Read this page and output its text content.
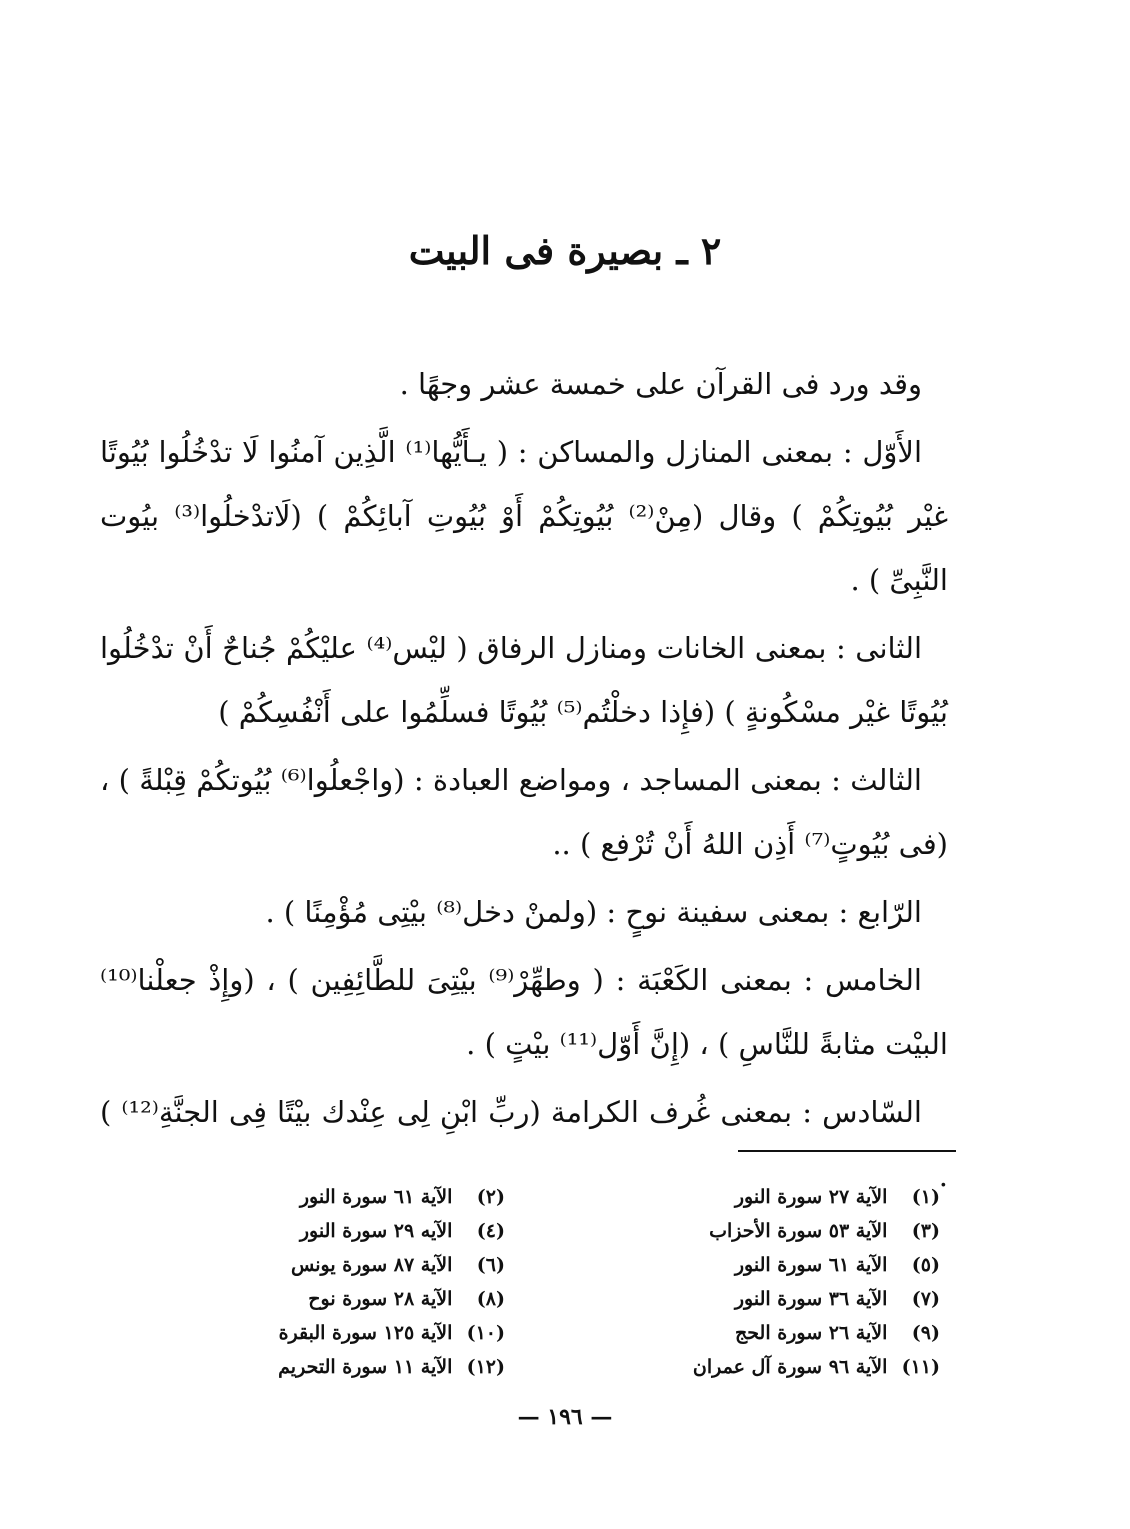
٢ ـ بصيرة فى البيت

وقد ورد فى القرآن على خمسة عشر وجهًا .

الأَوّل : بمعنى المنازل والمساكن : ( يـأَيُّها⁽¹⁾ الَّذِين آمنُوا لَا تدْخُلُوا بُيُوتًا غيْر بُيُوتِكُمْ ) وقال (مِنْ⁽²⁾ بُيُوتِكُمْ أَوْ بُيُوتِ آبائِكُمْ ) (لَاتدْخلُوا⁽³⁾ بيُوت النَّبِىِّ ) .

الثانى : بمعنى الخانات ومنازل الرفاق ( ليْس⁽⁴⁾ عليْكُمْ جُناحٌ أَنْ تدْخُلُوا بُيُوتًا غيْر مسْكُونةٍ ) (فإِذا دخلْتُم⁽⁵⁾ بُيُوتًا فسلِّمُوا على أَنْفُسِكُمْ )

الثالث : بمعنى المساجد ، ومواضع العبادة : (واجْعلُوا⁽⁶⁾ بُيُوتكُمْ قِبْلةً ) ، (فى بُيُوتٍ⁽⁷⁾ أَذِن اللهُ أَنْ تُرْفع ) ..

الرّابع : بمعنى سفينة نوحٍ : (ولمنْ دخل⁽⁸⁾ بيْتِى مُؤْمِنًا ) .

الخامس : بمعنى الكَعْبَة : ( وطهِّرْ⁽⁹⁾ بيْتِىَ للطَّائِفِين ) ، (وإِذْ جعلْنا⁽¹⁰⁾ البيْت مثابةً للنَّاسِ ) ، (إِنَّ أَوّل⁽¹¹⁾ بيْتٍ ) .

السّادس : بمعنى غُرف الكرامة (ربِّ ابْنِ لِى عِنْدك بيْتًا فِى الجنَّةِ⁽¹²⁾ ) .

(١) الآية ٢٧ سورة النور
(٢) الآية ٦١ سورة النور
(٣) الآية ٥٣ سورة الأحزاب
(٤) الآيه ٢٩ سورة النور
(٥) الآية ٦١ سورة النور
(٦) الآية ٨٧ سورة يونس
(٧) الآية ٣٦ سورة النور
(٨) الآية ٢٨ سورة نوح
(٩) الآية ٢٦ سورة الحج
(١٠) الآية ١٢٥ سورة البقرة
(١١) الآية ٩٦ سورة آل عمران
(١٢) الآية ١١ سورة التحريم
— ١٩٦ —
